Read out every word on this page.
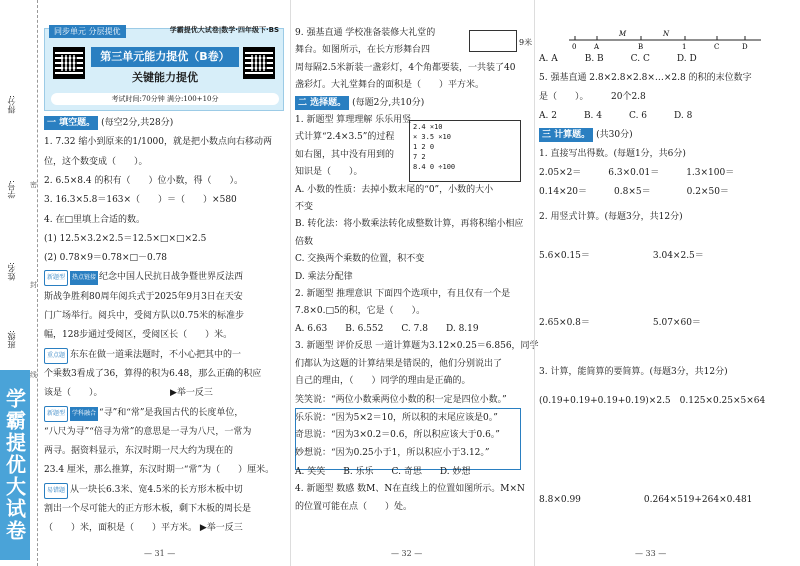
得分:
学号:
姓名:
班级:
密
封
线
学霸提优大试卷
同步单元 分层提优	学霸提优大试卷|数学·四年级下·BS
第三单元能力提优（B卷）
关键能力提优
考试时间:70分钟 满分:100+10分
一 填空题。 (每空2分,共28分)
1. 7.32 缩小到原来的1/1000，就是把小数点向右移动两
位，这个数变成（　　）。
2. 6.5×8.4 的积有（　　）位小数，得（　　）。
3. 16.3×5.8＝163×（　　）＝（　　）×580
4. 在□里填上合适的数。
(1) 12.5×3.2×2.5＝12.5×□×□×2.5
(2) 0.78×9＝0.78×□－0.78
新题型 热点链接 纪念中国人民抗日战争暨世界反法西
斯战争胜利80周年阅兵式于2025年9月3日在天安
门广场举行。阅兵中，受阅方队以0.75米的标准步
幅，128步通过受阅区，受阅区长（　　）米。
重点题 东东在做一道乘法题时，不小心把其中的一
个乘数3看成了36，算得的积为6.48，那么正确的积应
该是（　　）。　　　　　　　　▶举一反三
新题型 学科融合 “寻”和“常”是我国古代的长度单位，
“八尺为寻”“倍寻为常”的意思是一寻为八尺，一常为
两寻。据资料显示，东汉时期一尺大约为现在的
23.4 厘米，那么推算，东汉时期一“常”为（　　）厘米。
易错题 从一块长6.3米、宽4.5米的长方形木板中切
割出一个尽可能大的正方形木板，剩下木板的周长是
（　　）米，面积是（　　）平方米。 ▶举一反三
— 31 —
9米
2.4 ×10
× 3.5 ×10
1 2 0
7 2
8.4 0 ÷100
9. 强基直通 学校准备装修大礼堂的
舞台。如图所示，在长方形舞台四
周每隔2.5米新装一盏彩灯，4个角都要装，一共装了40
盏彩灯。大礼堂舞台的面积是（　　）平方米。
二 选择题。 (每题2分,共10分)
1. 新题型 算理理解 乐乐用竖
式计算“2.4×3.5”的过程
如右图，其中没有用到的
知识是（　　）。
A. 小数的性质：去掉小数末尾的“0”，小数的大小
不变
B. 转化法：将小数乘法转化成整数计算，再将积缩小相应
倍数
C. 交换两个乘数的位置，积不变
D. 乘法分配律
2. 新题型 推理意识 下面四个选项中，有且仅有一个是
7.8×0.□5的积，它是（　　）。
A. 6.63　　B. 6.552　　C. 7.8　　D. 8.19
3. 新题型 评价反思 一道计算题为3.12×0.25＝6.856，同学
们都认为这题的计算结果是错误的，他们分别说出了
自己的理由，（　　）同学的理由是正确的。
笑笑说：“两位小数乘两位小数的积一定是四位小数。”
乐乐说：“因为5×2＝10，所以积的末尾应该是0。”
奇思说：“因为3×0.2＝0.6，所以积应该大于0.6。”
妙想说：“因为0.25小于1，所以积应小于3.12。”
A. 笑笑　　B. 乐乐　　C. 奇思　　D. 妙想
4. 新题型 数感 数M、N在直线上的位置如图所示。M×N
的位置可能在点（　　）处。
— 32 —
0	A	B	1	C	D
M	N
A. A　　　B. B　　　C. C　　　D. D
5. 强基直通 2.8×2.8×2.8×…×2.8 的积的末位数字
是（　　）。　　　20个2.8
A. 2　　　B. 4　　　C. 6　　　D. 8
三 计算题。 (共30分)
1. 直接写出得数。(每题1分，共6分)
2.05×2＝　　　6.3×0.01＝　　　1.3×100＝
0.14×20＝　　　0.8×5＝　　　　0.2×50＝
2. 用竖式计算。(每题3分，共12分)
5.6×0.15＝　　　　　　　3.04×2.5＝
2.65×0.8＝　　　　　　　5.07×60＝
3. 计算，能简算的要简算。(每题3分，共12分)
(0.19+0.19+0.19+0.19)×2.5　0.125×0.25×5×64
8.8×0.99　　　　　　　0.264×519+264×0.481
— 33 —
